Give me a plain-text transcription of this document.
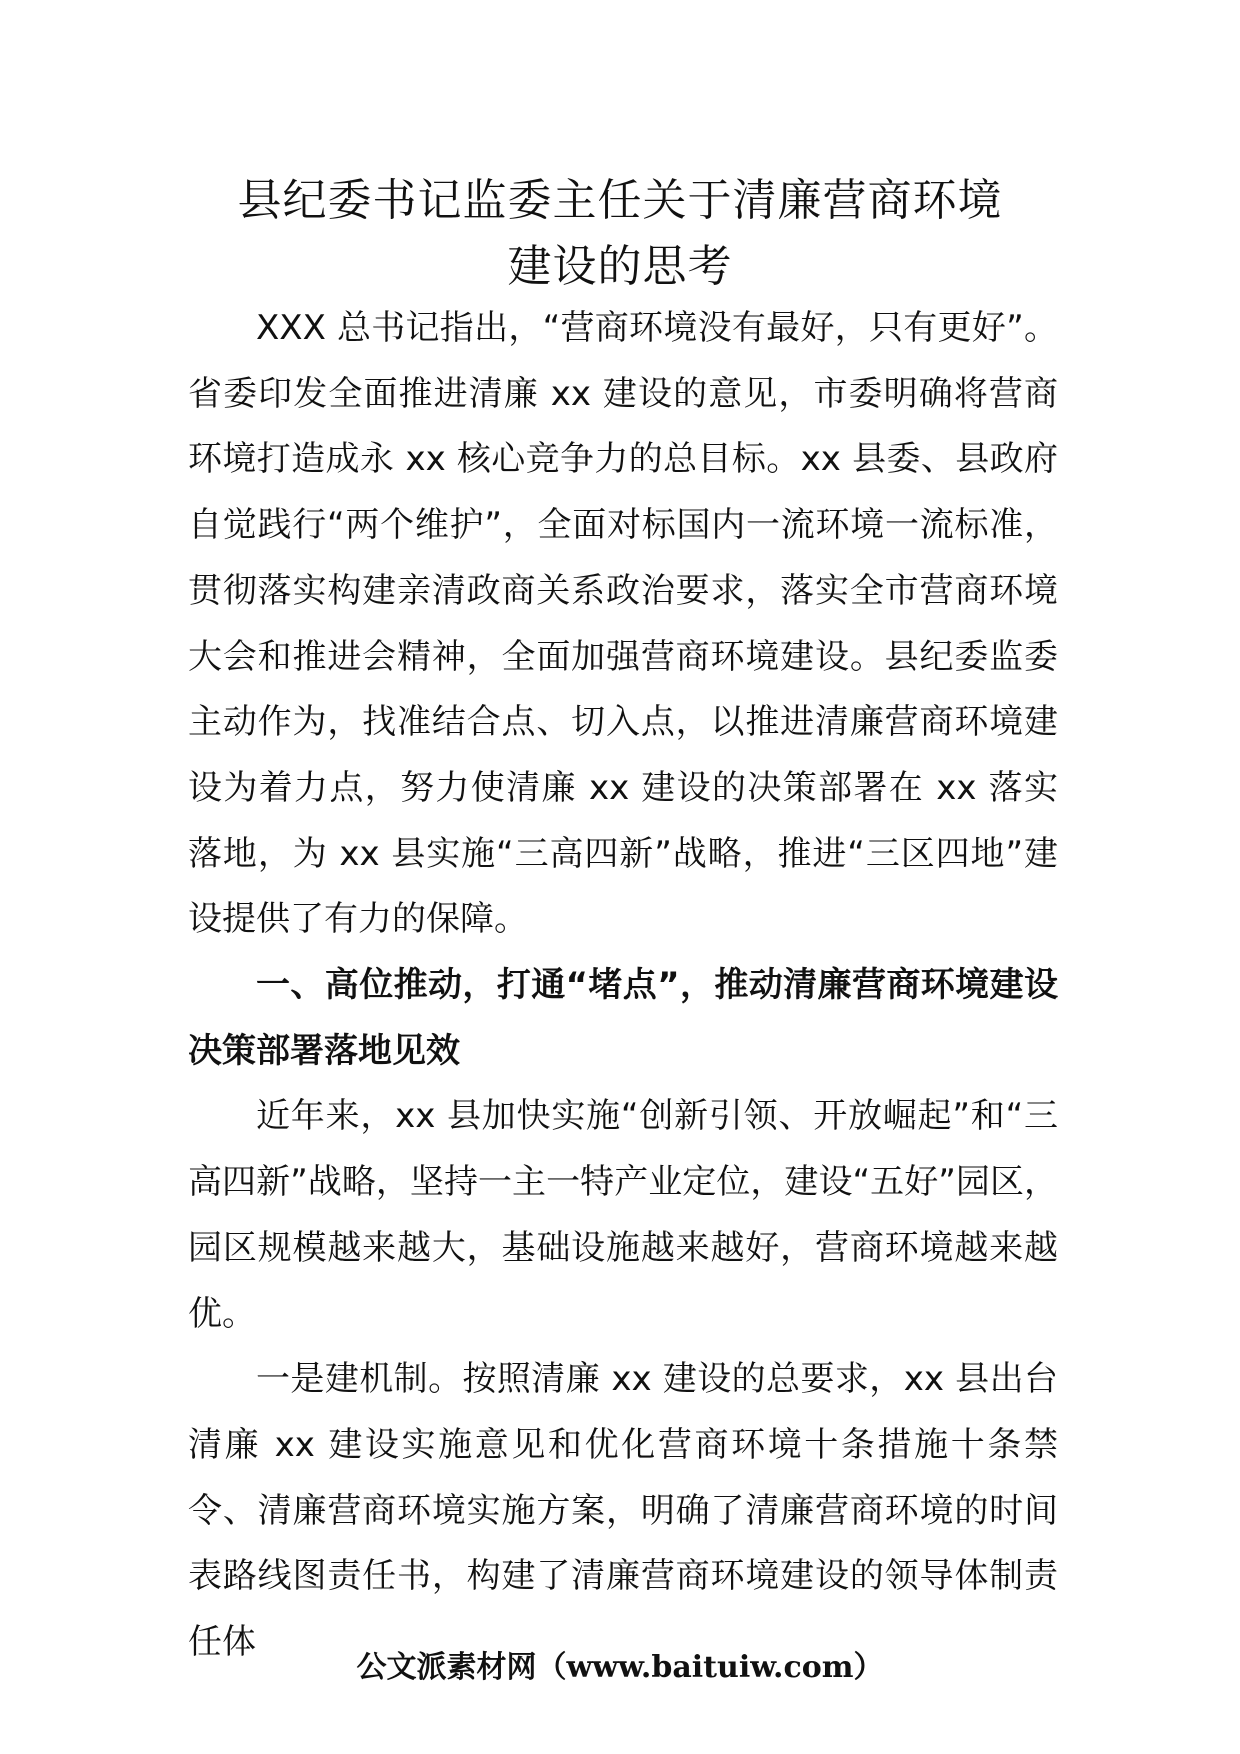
县纪委书记监委主任关于清廉营商环境
建设的思考

XXX 总书记指出，“营商环境没有最好，只有更好”。省委印发全面推进清廉 xx 建设的意见，市委明确将营商环境打造成永 xx 核心竞争力的总目标。xx 县委、县政府自觉践行“两个维护”，全面对标国内一流环境一流标准，贯彻落实构建亲清政商关系政治要求，落实全市营商环境大会和推进会精神，全面加强营商环境建设。县纪委监委主动作为，找准结合点、切入点，以推进清廉营商环境建设为着力点，努力使清廉 xx 建设的决策部署在 xx 落实落地，为 xx 县实施“三高四新”战略，推进“三区四地”建设提供了有力的保障。

一、高位推动，打通“堵点”，推动清廉营商环境建设决策部署落地见效

近年来，xx 县加快实施“创新引领、开放崛起”和“三高四新”战略，坚持一主一特产业定位，建设“五好”园区，园区规模越来越大，基础设施越来越好，营商环境越来越优。

一是建机制。按照清廉 xx 建设的总要求，xx 县出台清廉 xx 建设实施意见和优化营商环境十条措施十条禁令、清廉营商环境实施方案，明确了清廉营商环境的时间表路线图责任书，构建了清廉营商环境建设的领导体制责任体

公文派素材网（www.baituiw.com）
